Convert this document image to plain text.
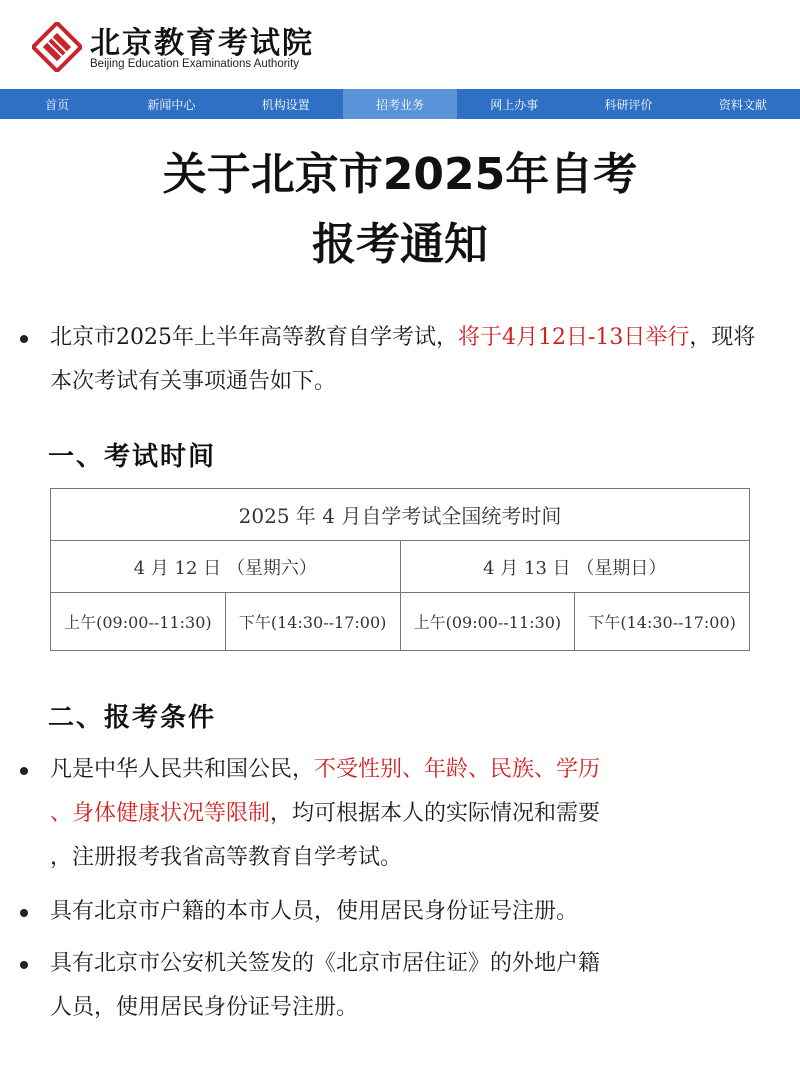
北京教育考试院
Beijing Education Examinations Authority
首页	新闻中心	机构设置	招考业务	网上办事	科研评价	资料文献
关于北京市2025年自考
报考通知
北京市2025年上半年高等教育自学考试，将于4月12日-13日举行，现将本次考试有关事项通告如下。
一、考试时间
2025 年 4 月自学考试全国统考时间			
4 月 12 日 （星期六）		4 月 13 日 （星期日）	
上午(09:00--11:30)	下午(14:30--17:00)	上午(09:00--11:30)	下午(14:30--17:00)
二、报考条件
凡是中华人民共和国公民，不受性别、年龄、民族、学历
、身体健康状况等限制，均可根据本人的实际情况和需要
，注册报考我省高等教育自学考试。
具有北京市户籍的本市人员，使用居民身份证号注册。
具有北京市公安机关签发的《北京市居住证》的外地户籍
人员，使用居民身份证号注册。
